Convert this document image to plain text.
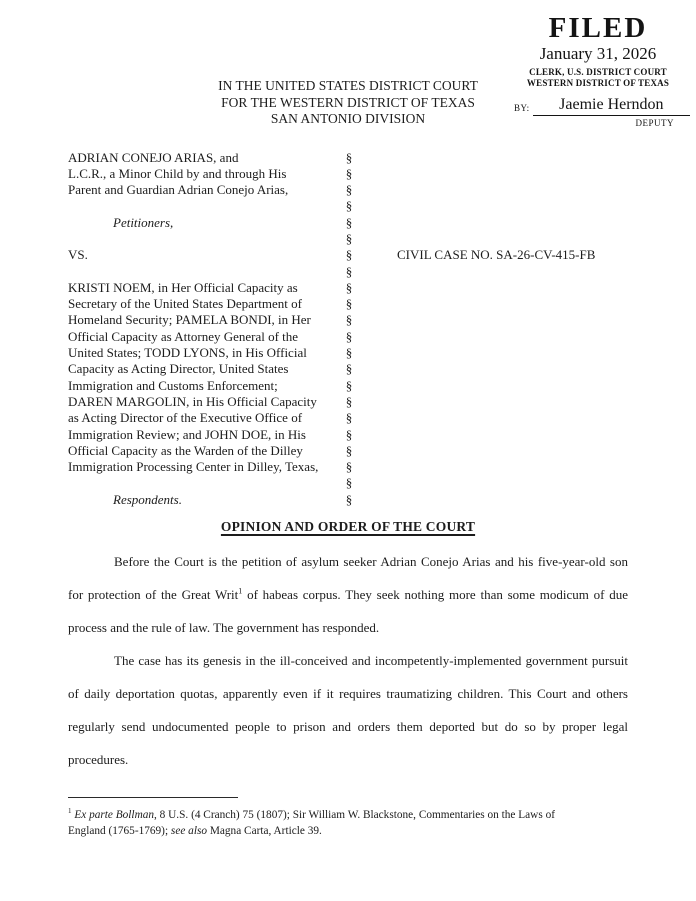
FILED
January 31, 2026
CLERK, U.S. DISTRICT COURT
WESTERN DISTRICT OF TEXAS
BY:	Jaemie Herndon
DEPUTY
IN THE UNITED STATES DISTRICT COURT
FOR THE WESTERN DISTRICT OF TEXAS
SAN ANTONIO DIVISION
ADRIAN CONEJO ARIAS, and	§
L.C.R., a Minor Child by and through His	§
Parent and Guardian Adrian Conejo Arias,	§
§
Petitioners,	§
§
VS.	§	CIVIL CASE NO. SA-26-CV-415-FB
§
KRISTI NOEM, in Her Official Capacity as	§
Secretary of the United States Department of	§
Homeland Security; PAMELA BONDI, in Her	§
Official Capacity as Attorney General of the	§
United States; TODD LYONS, in His Official	§
Capacity as Acting Director, United States	§
Immigration and Customs Enforcement;	§
DAREN MARGOLIN, in His Official Capacity	§
as Acting Director of the Executive Office of	§
Immigration Review; and JOHN DOE, in His	§
Official Capacity as the Warden of the Dilley	§
Immigration Processing Center in Dilley, Texas,	§
§
Respondents.	§
OPINION AND ORDER OF THE COURT
Before the Court is the petition of asylum seeker Adrian Conejo Arias and his five-year-old son
for protection of the Great Writ$^1$ of habeas corpus. They seek nothing more than some modicum of due
process and the rule of law. The government has responded.
The case has its genesis in the ill-conceived and incompetently-implemented government pursuit
of daily deportation quotas, apparently even if it requires traumatizing children. This Court and others
regularly send undocumented people to prison and orders them deported but do so by proper legal
procedures.
$^1$ Ex parte Bollman, 8 U.S. (4 Cranch) 75 (1807); Sir William W. Blackstone, Commentaries on the Laws of
England (1765-1769); see also Magna Carta, Article 39.
